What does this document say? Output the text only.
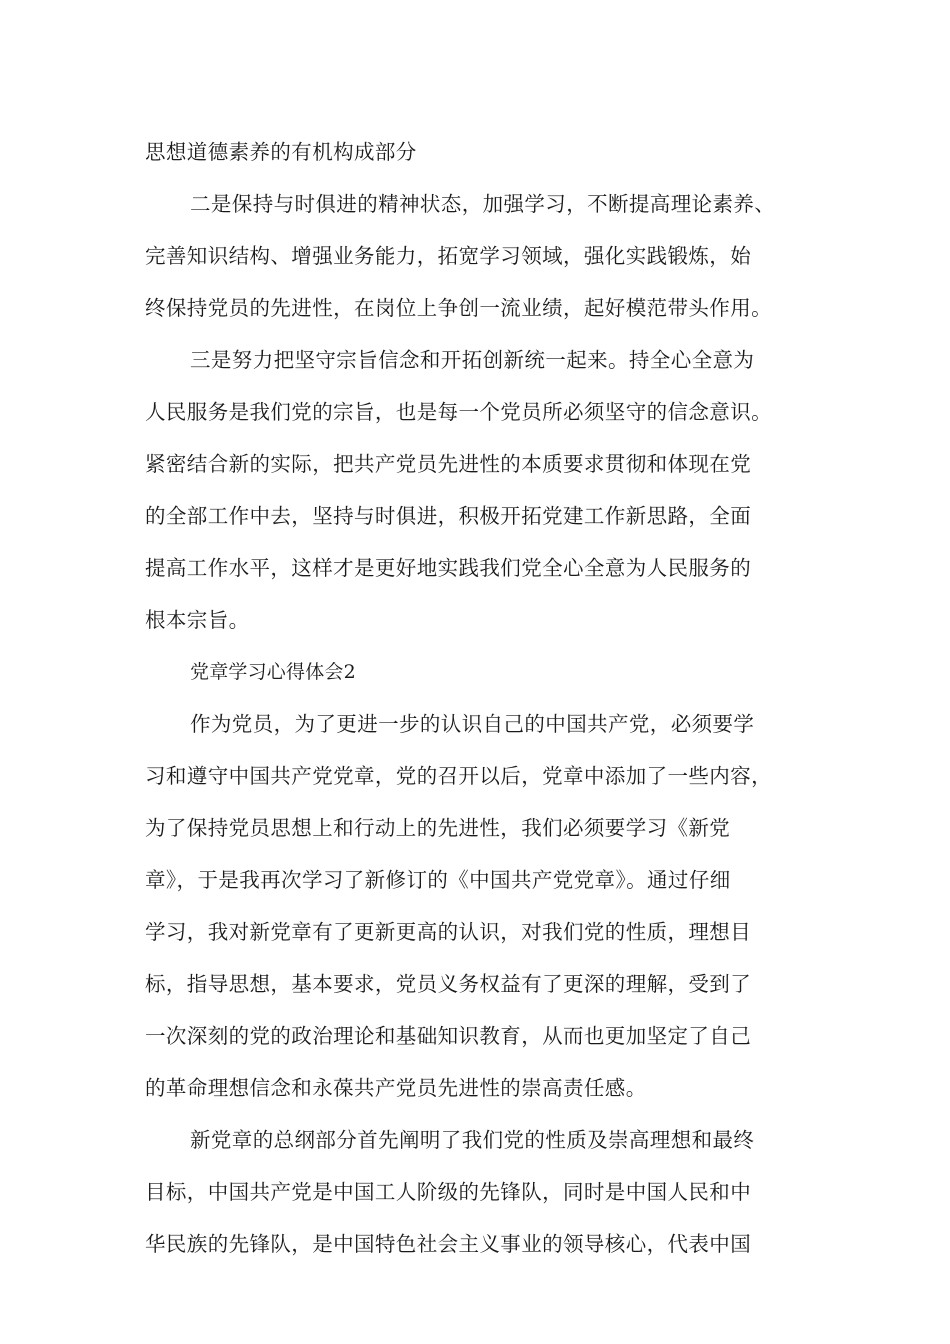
思想道德素养的有机构成部分
二是保持与时俱进的精神状态，加强学习，不断提高理论素养、
完善知识结构、增强业务能力，拓宽学习领域，强化实践锻炼，始
终保持党员的先进性，在岗位上争创一流业绩，起好模范带头作用。
三是努力把坚守宗旨信念和开拓创新统一起来。持全心全意为
人民服务是我们党的宗旨，也是每一个党员所必须坚守的信念意识。
紧密结合新的实际，把共产党员先进性的本质要求贯彻和体现在党
的全部工作中去，坚持与时俱进，积极开拓党建工作新思路，全面
提高工作水平，这样才是更好地实践我们党全心全意为人民服务的
根本宗旨。
党章学习心得体会2
作为党员，为了更进一步的认识自己的中国共产党，必须要学
习和遵守中国共产党党章，党的召开以后，党章中添加了一些内容，
为了保持党员思想上和行动上的先进性，我们必须要学习《新党
章》，于是我再次学习了新修订的《中国共产党党章》。通过仔细
学习，我对新党章有了更新更高的认识，对我们党的性质，理想目
标，指导思想，基本要求，党员义务权益有了更深的理解，受到了
一次深刻的党的政治理论和基础知识教育，从而也更加坚定了自己
的革命理想信念和永葆共产党员先进性的崇高责任感。
新党章的总纲部分首先阐明了我们党的性质及崇高理想和最终
目标，中国共产党是中国工人阶级的先锋队，同时是中国人民和中
华民族的先锋队，是中国特色社会主义事业的领导核心，代表中国
